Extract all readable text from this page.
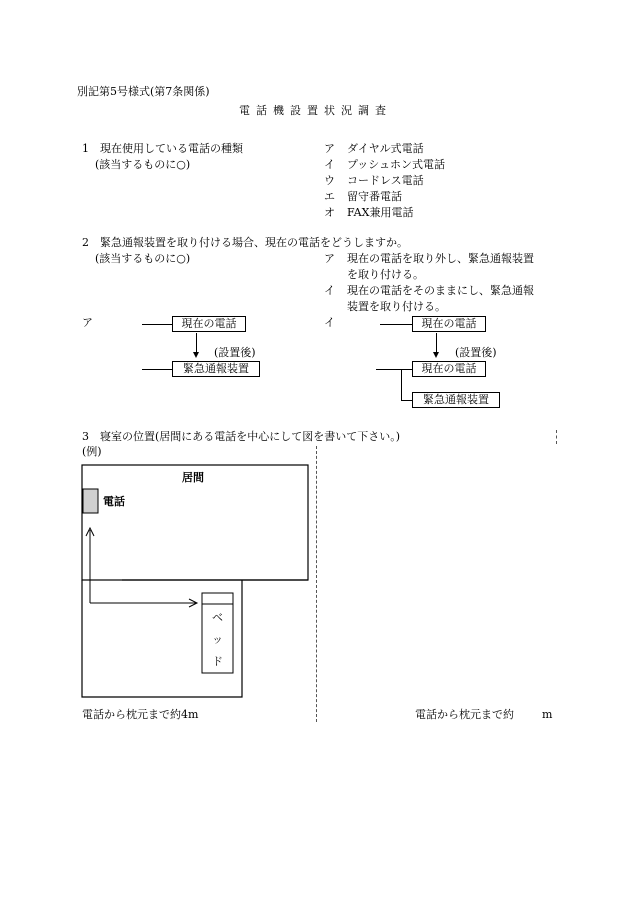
別記第5号様式(第7条関係)
電話機設置状況調査
1　現在使用している電話の種類
(該当するものに○)
ア ダイヤル式電話
イ プッシュホン式電話
ウ コードレス電話
エ 留守番電話
オ FAX兼用電話
2　緊急通報装置を取り付ける場合、現在の電話をどうしますか。
(該当するものに○)	ア 現在の電話を取り外し、緊急通報装置
を取り付ける。
イ 現在の電話をそのままにし、緊急通報
装置を取り付ける。
ア	現在の電話
(設置後)
緊急通報装置
イ	現在の電話
(設置後)
現在の電話
緊急通報装置
3　寝室の位置(居間にある電話を中心にして図を書いて下さい。)
(例)
居間
電話
ベ
ッ
ド
電話から枕元まで約4m	電話から枕元まで約	m
